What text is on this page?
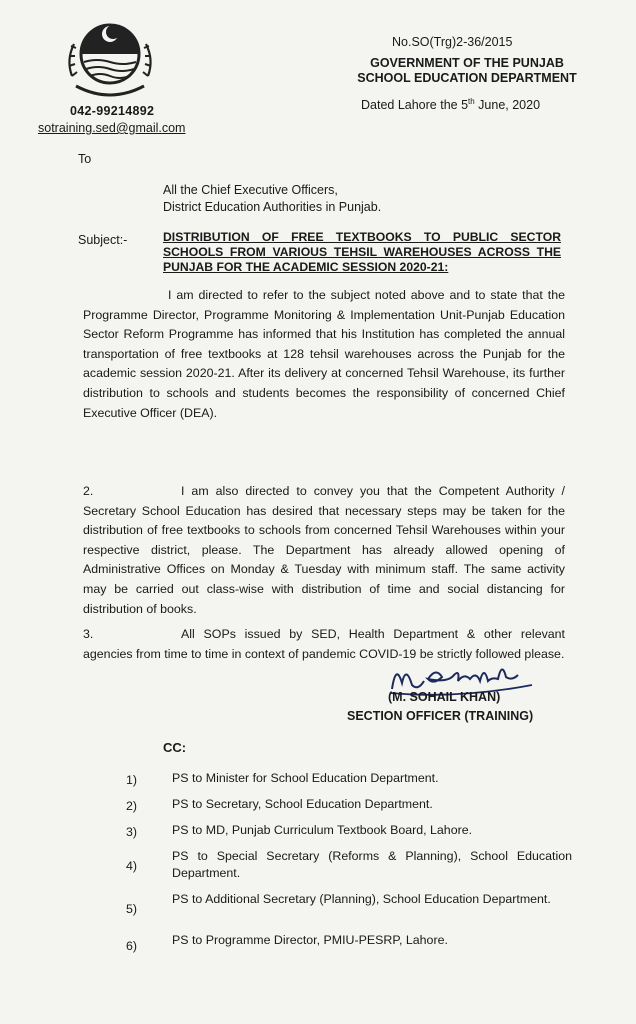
042-99214892
sotraining.sed@gmail.com
No.SO(Trg)2-36/2015
GOVERNMENT OF THE PUNJAB
SCHOOL EDUCATION DEPARTMENT
Dated Lahore the 5th June, 2020
To
All the Chief Executive Officers,
District Education Authorities in Punjab.
Subject:-	DISTRIBUTION OF FREE TEXTBOOKS TO PUBLIC SECTOR SCHOOLS FROM VARIOUS TEHSIL WAREHOUSES ACROSS THE PUNJAB FOR THE ACADEMIC SESSION 2020-21:
I am directed to refer to the subject noted above and to state that the Programme Director, Programme Monitoring & Implementation Unit-Punjab Education Sector Reform Programme has informed that his Institution has completed the annual transportation of free textbooks at 128 tehsil warehouses across the Punjab for the academic session 2020-21. After its delivery at concerned Tehsil Warehouse, its further distribution to schools and students becomes the responsibility of concerned Chief Executive Officer (DEA).
2.	I am also directed to convey you that the Competent Authority / Secretary School Education has desired that necessary steps may be taken for the distribution of free textbooks to schools from concerned Tehsil Warehouses within your respective district, please. The Department has already allowed opening of Administrative Offices on Monday & Tuesday with minimum staff. The same activity may be carried out class-wise with distribution of time and social distancing for distribution of books.
3.	All SOPs issued by SED, Health Department & other relevant agencies from time to time in context of pandemic COVID-19 be strictly followed please.
(M. SOHAIL KHAN)
SECTION OFFICER (TRAINING)
CC:
1)	PS to Minister for School Education Department.
2)	PS to Secretary, School Education Department.
3)	PS to MD, Punjab Curriculum Textbook Board, Lahore.
4)
PS to Special Secretary (Reforms & Planning), School Education Department.
5)
PS to Additional Secretary (Planning), School Education Department.
6)	PS to Programme Director, PMIU-PESRP, Lahore.
